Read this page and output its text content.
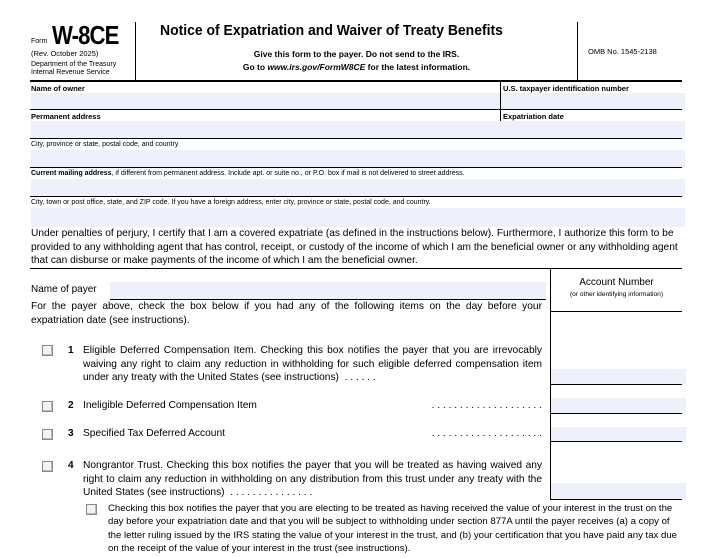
Form W-8CE
(Rev. October 2025)
Department of the Treasury
Internal Revenue Service
Notice of Expatriation and Waiver of Treaty Benefits
Give this form to the payer. Do not send to the IRS.
Go to www.irs.gov/FormW8CE for the latest information.
OMB No. 1545-2138
Name of owner	U.S. taxpayer identification number
Permanent address	Expatriation date
City, province or state, postal code, and country
Current mailing address, if different from permanent address. Include apt. or suite no., or P.O. box if mail is not delivered to street address.
City, town or post office, state, and ZIP code. If you have a foreign address, enter city, province or state, postal code, and country.
Under penalties of perjury, I certify that I am a covered expatriate (as defined in the instructions below). Furthermore, I authorize this form to be provided to any withholding agent that has control, receipt, or custody of the income of which I am the beneficial owner or any withholding agent that can disburse or make payments of the income of which I am the beneficial owner.
Account Number
(or other identifying information)
Name of payer
For the payer above, check the box below if you had any of the following items on the day before your expatriation date (see instructions).
1 Eligible Deferred Compensation Item. Checking this box notifies the payer that you are irrevocably waiving any right to claim any reduction in withholding for such eligible deferred compensation item under any treaty with the United States (see instructions)  . . . . . .
2 Ineligible Deferred Compensation Item	. . . . . . . . . . . . . . . . . . . .
3 Specified Tax Deferred Account	. . . . . . . . . . . . . . . . . . . .
4 Nongrantor Trust. Checking this box notifies the payer that you will be treated as having waived any right to claim any reduction in withholding on any distribution from this trust under any treaty with the United States (see instructions)  . . . . . . . . . . . . . . .
Checking this box notifies the payer that you are electing to be treated as having received the value of your interest in the trust on the day before your expatriation date and that you will be subject to withholding under section 877A until the payer receives (a) a copy of the letter ruling issued by the IRS stating the value of your interest in the trust, and (b) your certification that you have paid any tax due on the receipt of the value of your interest in the trust (see instructions).
